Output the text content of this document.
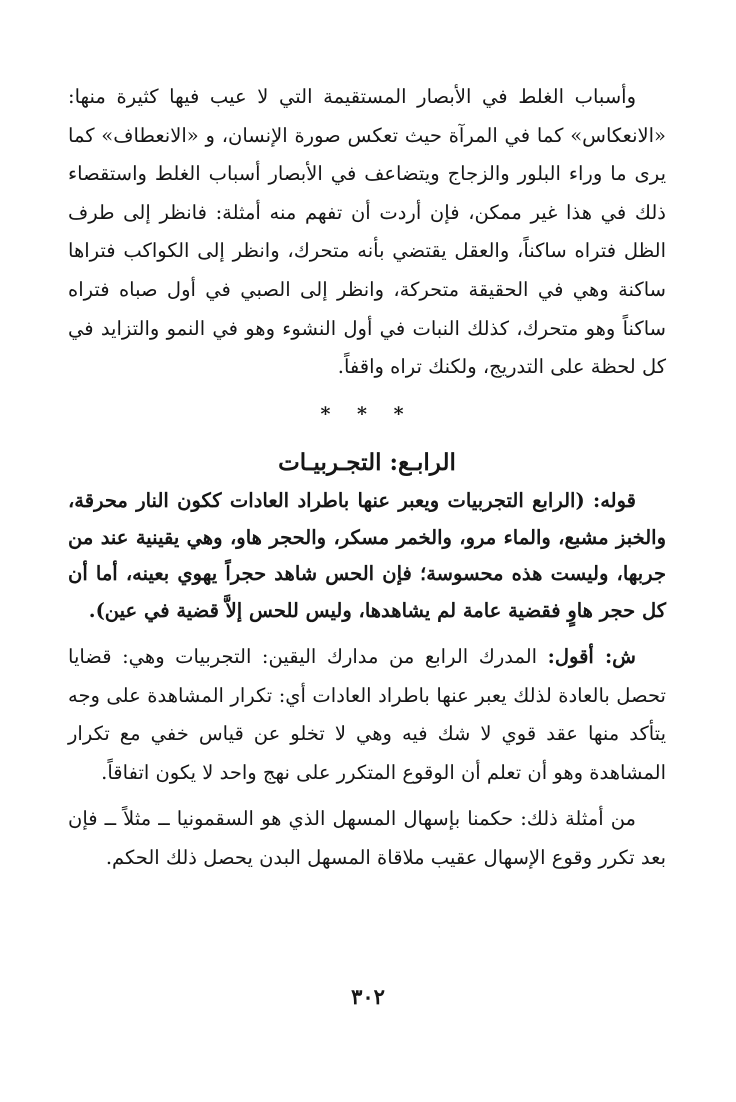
وأسباب الغلط في الأبصار المستقيمة التي لا عيب فيها كثيرة منها: «الانعكاس» كما في المرآة حيث تعكس صورة الإنسان، و «الانعطاف» كما يرى ما وراء البلور والزجاج ويتضاعف في الأبصار أسباب الغلط واستقصاء ذلك في هذا غير ممكن، فإن أردت أن تفهم منه أمثلة: فانظر إلى طرف الظل فتراه ساكناً، والعقل يقتضي بأنه متحرك، وانظر إلى الكواكب فتراها ساكنة وهي في الحقيقة متحركة، وانظر إلى الصبي في أول صباه فتراه ساكناً وهو متحرك، كذلك النبات في أول النشوء وهو في النمو والتزايد في كل لحظة على التدريج، ولكنك تراه واقفاً.

* * *
الرابـع: التجـربيـات

قوله: (الرابع التجربيات ويعبر عنها باطراد العادات ككون النار محرقة، والخبز مشبع، والماء مرو، والخمر مسكر، والحجر هاو، وهي يقينية عند من جربها، وليست هذه محسوسة؛ فإن الحس شاهد حجراً يهوي بعينه، أما أن كل حجر هاوٍ فقضية عامة لم يشاهدها، وليس للحس إلاَّ قضية في عين).

ش: أقول: المدرك الرابع من مدارك اليقين: التجربيات وهي: قضايا تحصل بالعادة لذلك يعبر عنها باطراد العادات أي: تكرار المشاهدة على وجه يتأكد منها عقد قوي لا شك فيه وهي لا تخلو عن قياس خفي مع تكرار المشاهدة وهو أن تعلم أن الوقوع المتكرر على نهج واحد لا يكون اتفاقاً.

من أمثلة ذلك: حكمنا بإسهال المسهل الذي هو السقمونيا ــ مثلاً ــ فإن بعد تكرر وقوع الإسهال عقيب ملاقاة المسهل البدن يحصل ذلك الحكم.

٣٠٢
